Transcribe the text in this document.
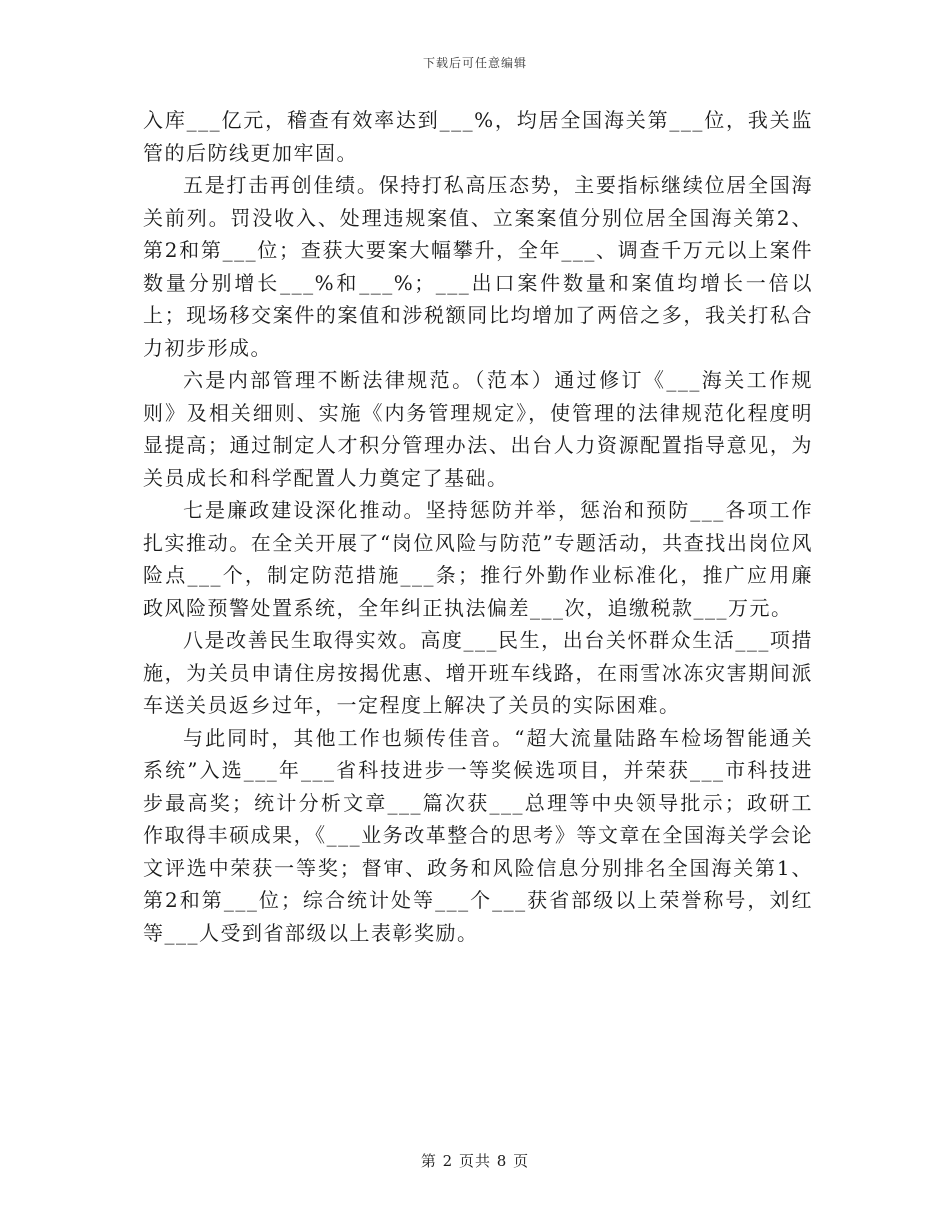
下载后可任意编辑

入库___亿元，稽查有效率达到___%，均居全国海关第___位，我关监管的后防线更加牢固。

五是打击再创佳绩。保持打私高压态势，主要指标继续位居全国海关前列。罚没收入、处理违规案值、立案案值分别位居全国海关第2、第2和第___位；查获大要案大幅攀升，全年___、调查千万元以上案件数量分别增长___%和___%；___出口案件数量和案值均增长一倍以上；现场移交案件的案值和涉税额同比均增加了两倍之多，我关打私合力初步形成。

六是内部管理不断法律规范。（范本）通过修订《___海关工作规则》及相关细则、实施《内务管理规定》，使管理的法律规范化程度明显提高；通过制定人才积分管理办法、出台人力资源配置指导意见，为关员成长和科学配置人力奠定了基础。

七是廉政建设深化推动。坚持惩防并举，惩治和预防___各项工作扎实推动。在全关开展了“岗位风险与防范”专题活动，共查找出岗位风险点___个，制定防范措施___条；推行外勤作业标准化，推广应用廉政风险预警处置系统，全年纠正执法偏差___次，追缴税款___万元。

八是改善民生取得实效。高度___民生，出台关怀群众生活___项措施，为关员申请住房按揭优惠、增开班车线路，在雨雪冰冻灾害期间派车送关员返乡过年，一定程度上解决了关员的实际困难。

与此同时，其他工作也频传佳音。“超大流量陆路车检场智能通关系统”入选___年___省科技进步一等奖候选项目，并荣获___市科技进步最高奖；统计分析文章___篇次获___总理等中央领导批示；政研工作取得丰硕成果，《___业务改革整合的思考》等文章在全国海关学会论文评选中荣获一等奖；督审、政务和风险信息分别排名全国海关第1、第2和第___位；综合统计处等___个___获省部级以上荣誉称号，刘红等___人受到省部级以上表彰奖励。

第 2 页共 8 页
